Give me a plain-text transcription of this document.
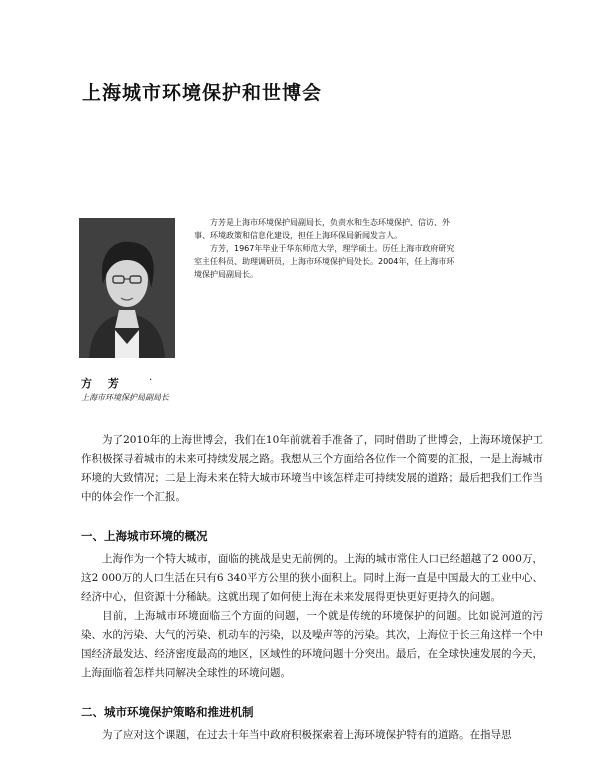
上海城市环境保护和世博会

方芳是上海市环境保护局副局长，负责水和生态环境保护、信访、外事、环境政策和信息化建设，担任上海环保局新闻发言人。

方芳，1967年毕业于华东师范大学，理学硕士。历任上海市政府研究室主任科员、助理调研员，上海市环境保护局处长。2004年，任上海市环境保护局副局长。

方 芳 .
上海市环境保护局副局长

为了2010年的上海世博会，我们在10年前就着手准备了，同时借助了世博会，上海环境保护工作积极探寻着城市的未来可持续发展之路。我想从三个方面给各位作一个简要的汇报，一是上海城市环境的大致情况；二是上海未来在特大城市环境当中该怎样走可持续发展的道路；最后把我们工作当中的体会作一个汇报。

一、上海城市环境的概况

上海作为一个特大城市，面临的挑战是史无前例的。上海的城市常住人口已经超越了2 000万，这2 000万的人口生活在只有6 340平方公里的狭小面积上。同时上海一直是中国最大的工业中心、经济中心，但资源十分稀缺。这就出现了如何使上海在未来发展得更快更好更持久的问题。

目前，上海城市环境面临三个方面的问题，一个就是传统的环境保护的问题。比如说河道的污染、水的污染、大气的污染、机动车的污染，以及噪声等的污染。其次，上海位于长三角这样一个中国经济最发达、经济密度最高的地区，区域性的环境问题十分突出。最后，在全球快速发展的今天，上海面临着怎样共同解决全球性的环境问题。

二、城市环境保护策略和推进机制

为了应对这个课题，在过去十年当中政府积极探索着上海环境保护特有的道路。在指导思
